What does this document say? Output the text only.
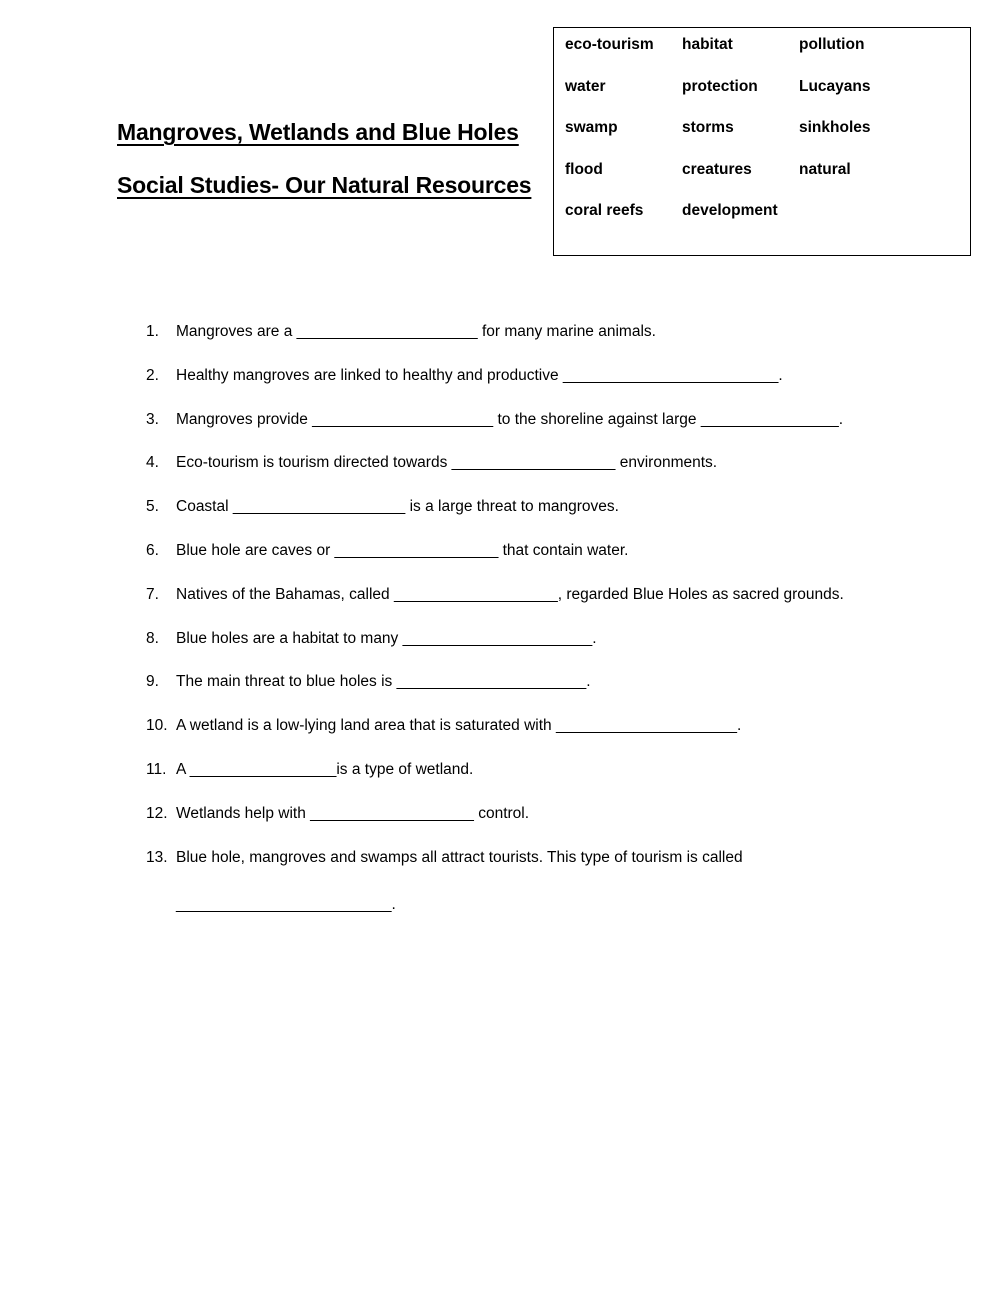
Mangroves, Wetlands and Blue Holes
Social Studies- Our Natural Resources
eco-tourism	habitat	pollution
water	protection	Lucayans
swamp	storms	sinkholes
flood	creatures	natural
coral reefs	development
1. Mangroves are a _____________________ for many marine animals.
2. Healthy mangroves are linked to healthy and productive _________________________.
3. Mangroves provide _____________________ to the shoreline against large ________________.
4. Eco-tourism is tourism directed towards ___________________ environments.
5. Coastal ____________________ is a large threat to mangroves.
6. Blue hole are caves or ___________________ that contain water.
7. Natives of the Bahamas, called ___________________, regarded Blue Holes as sacred grounds.
8. Blue holes are a habitat to many ______________________.
9. The main threat to blue holes is ______________________.
10. A wetland is a low-lying land area that is saturated with _____________________.
11. A _________________is a type of wetland.
12. Wetlands help with ___________________ control.
13. Blue hole, mangroves and swamps all attract tourists. This type of tourism is called
_________________________.
